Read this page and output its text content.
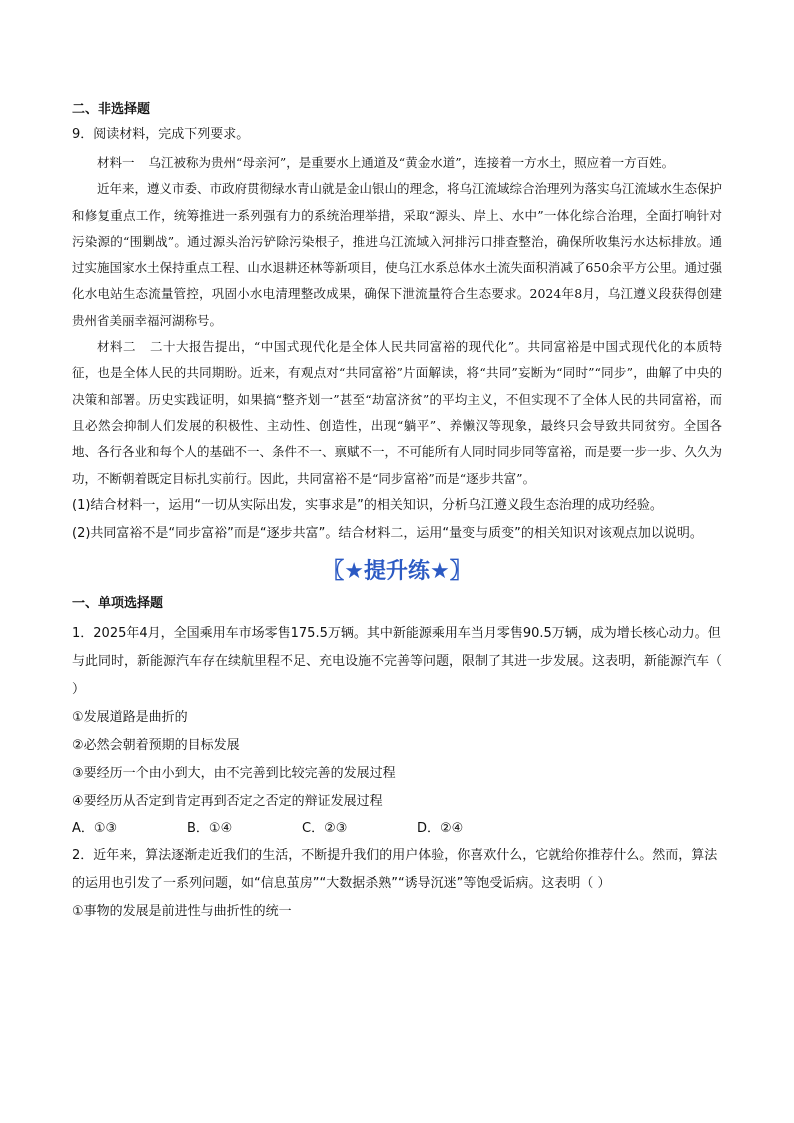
二、非选择题

9．阅读材料，完成下列要求。

材料一 乌江被称为贵州“母亲河”，是重要水上通道及“黄金水道”，连接着一方水土，照应着一方百姓。

近年来，遵义市委、市政府贯彻绿水青山就是金山银山的理念，将乌江流域综合治理列为落实乌江流域水生态保护和修复重点工作，统筹推进一系列强有力的系统治理举措，采取“源头、岸上、水中”一体化综合治理，全面打响针对污染源的“围剿战”。通过源头治污铲除污染根子，推进乌江流域入河排污口排查整治，确保所收集污水达标排放。通过实施国家水土保持重点工程、山水退耕还林等新项目，使乌江水系总体水土流失面积消减了650余平方公里。通过强化水电站生态流量管控，巩固小水电清理整改成果，确保下泄流量符合生态要求。2024年8月，乌江遵义段获得创建贵州省美丽幸福河湖称号。

材料二 二十大报告提出，“中国式现代化是全体人民共同富裕的现代化”。共同富裕是中国式现代化的本质特征，也是全体人民的共同期盼。近来，有观点对“共同富裕”片面解读，将“共同”妄断为“同时”“同步”，曲解了中央的决策和部署。历史实践证明，如果搞“整齐划一”甚至“劫富济贫”的平均主义，不但实现不了全体人民的共同富裕，而且必然会抑制人们发展的积极性、主动性、创造性，出现“躺平”、养懒汉等现象，最终只会导致共同贫穷。全国各地、各行各业和每个人的基础不一、条件不一、禀赋不一，不可能所有人同时同步同等富裕，而是要一步一步、久久为功，不断朝着既定目标扎实前行。因此，共同富裕不是“同步富裕”而是“逐步共富”。

(1)结合材料一，运用“一切从实际出发，实事求是”的相关知识，分析乌江遵义段生态治理的成功经验。

(2)共同富裕不是“同步富裕”而是“逐步共富”。结合材料二，运用“量变与质变”的相关知识对该观点加以说明。

〖★提升练★〗

一、单项选择题

1．2025年4月，全国乘用车市场零售175.5万辆。其中新能源乘用车当月零售90.5万辆，成为增长核心动力。但与此同时，新能源汽车存在续航里程不足、充电设施不完善等问题，限制了其进一步发展。这表明，新能源汽车（ ）

①发展道路是曲折的

②必然会朝着预期的目标发展

③要经历一个由小到大，由不完善到比较完善的发展过程

④要经历从否定到肯定再到否定之否定的辩证发展过程

A．①③	B．①④	C．②③	D．②④

2．近年来，算法逐渐走近我们的生活，不断提升我们的用户体验，你喜欢什么，它就给你推荐什么。然而，算法的运用也引发了一系列问题，如“信息茧房”“大数据杀熟”“诱导沉迷”等饱受诟病。这表明（ ）

①事物的发展是前进性与曲折性的统一
